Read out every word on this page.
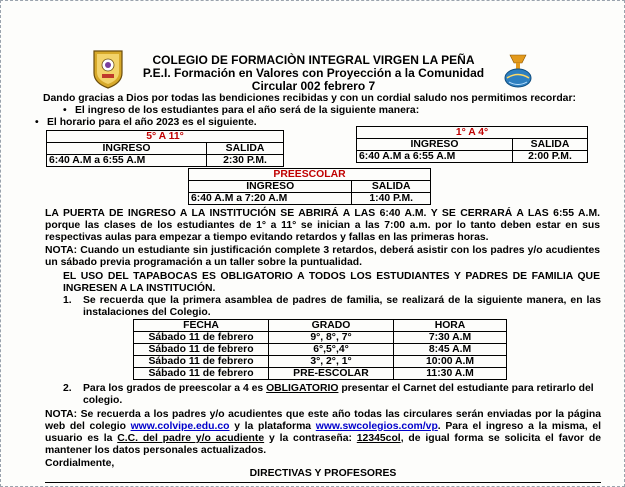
COLEGIO DE FORMACIÒN INTEGRAL VIRGEN LA PEÑA
P.E.I. Formación en Valores con Proyección a la Comunidad
Circular 002 febrero 7
Dando gracias a Dios por todas las bendiciones recibidas y con un cordial saludo nos permitimos recordar:
• El ingreso de los estudiantes para el año será de la siguiente manera:
• El horario para el año 2023 es el siguiente.
5° A 11°	
INGRESO	SALIDA
6:40 A.M a 6:55 A.M	2:30 P.M.
1° A 4°	
INGRESO	SALIDA
6:40 A.M a 6:55 A.M	2:00 P.M.
PREESCOLAR	
INGRESO	SALIDA
6:40 A.M a 7:20 A.M	1:40 P.M.
LA PUERTA DE INGRESO A LA INSTITUCIÓN SE ABRIRÁ A LAS 6:40 A.M. Y SE CERRARÁ A LAS 6:55 A.M. porque las clases de los estudiantes de 1° a 11° se inician a las 7:00 a.m. por lo tanto deben estar en sus respectivas aulas para empezar a tiempo evitando retardos y fallas en las primeras horas.
NOTA: Cuando un estudiante sin justificación complete 3 retardos, deberá asistir con los padres y/o acudientes un sábado previa programación a un taller sobre la puntualidad.
EL USO DEL TAPABOCAS ES OBLIGATORIO A TODOS LOS ESTUDIANTES Y PADRES DE FAMILIA QUE INGRESEN A LA INSTITUCIÓN.
1.	Se recuerda que la primera asamblea de padres de familia, se realizará de la siguiente manera, en las instalaciones del Colegio.
FECHA	GRADO	HORA
Sábado 11 de febrero	9°, 8°, 7°	7:30 A.M
Sábado 11 de febrero	6°,5°,4°	8:45 A.M
Sábado 11 de febrero	3°, 2°, 1°	10:00 A.M
Sábado 11 de febrero	PRE-ESCOLAR	11:30 A.M
2.	Para los grados de preescolar a 4 es OBLIGATORIO presentar el Carnet del estudiante para retirarlo del colegio.
NOTA: Se recuerda a los padres y/o acudientes que este año todas las circulares serán enviadas por la página web del colegio www.colvipe.edu.co y la plataforma www.swcolegios.com/vp. Para el ingreso a la misma, el usuario es la C.C. del padre y/o acudiente y la contraseña: 12345col, de igual forma se solicita el favor de mantener los datos personales actualizados.
Cordialmente,
DIRECTIVAS Y PROFESORES
